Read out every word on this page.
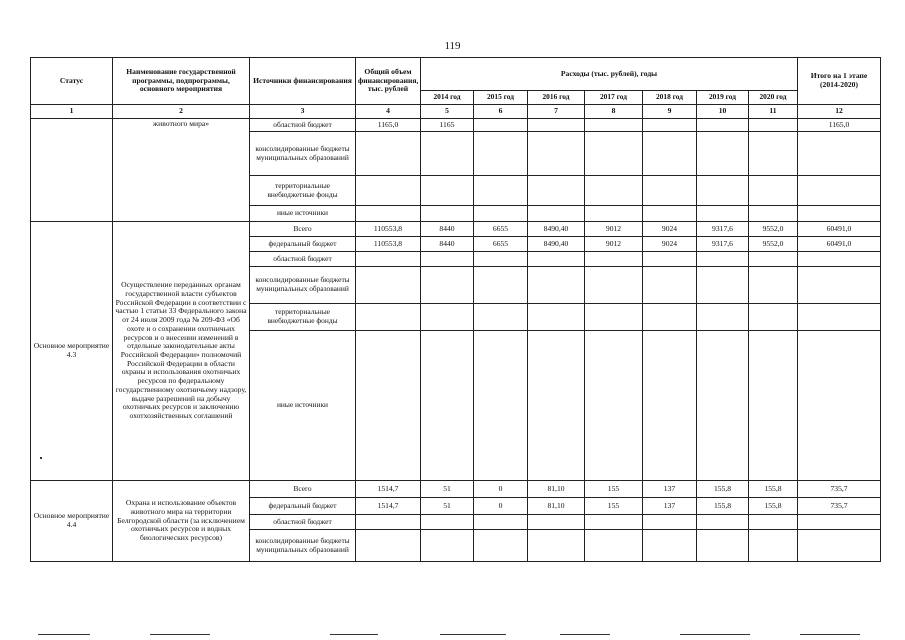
119
Статус	Наименование государственной программы, подпрограммы, основного мероприятия	Источники финансирования	Общий объем финансирования, тыс. рублей	Расходы (тыс. рублей), годы							Итого на 1 этапе (2014-2020)
				2014 год	2015 год	2016 год	2017 год	2018 год	2019 год	2020 год	
1	2	3	4	5	6	7	8	9	10	11	12
	животного мира»	областной бюджет	1165,0	1165							1165,0
		консолидированные бюджеты муниципальных образований									
		территориальные внебюджетные фонды									
		иные источники									
Основное мероприятие 4.3	Осуществление переданных органам государственной власти субъектов Российской Федерации в соответствии с частью 1 статьи 33 Федерального закона от 24 июля 2009 года № 209-ФЗ «Об охоте и о сохранении охотничьих ресурсов и о внесении изменений в отдельные законодательные акты Российской Федерации» полномочий Российской Федерации в области охраны и использования охотничьих ресурсов по федеральному государственному охотничьему надзору, выдаче разрешений на добычу охотничьих ресурсов и заключению охотхозяйственных соглашений	Всего	110553,8	8440	6655	8490,40	9012	9024	9317,6	9552,0	60491,0
		федеральный бюджет	110553,8	8440	6655	8490,40	9012	9024	9317,6	9552,0	60491,0
		областной бюджет									
		консолидированные бюджеты муниципальных образований									
		территориальные внебюджетные фонды									
		иные источники									
Основное мероприятие 4.4	Охрана и использование объектов животного мира на территории Белгородской области (за исключением охотничьих ресурсов и водных биологических ресурсов)	Всего	1514,7	51	0	81,10	155	137	155,8	155,8	735,7
		федеральный бюджет	1514,7	51	0	81,10	155	137	155,8	155,8	735,7
		областной бюджет									
		консолидированные бюджеты муниципальных образований									
